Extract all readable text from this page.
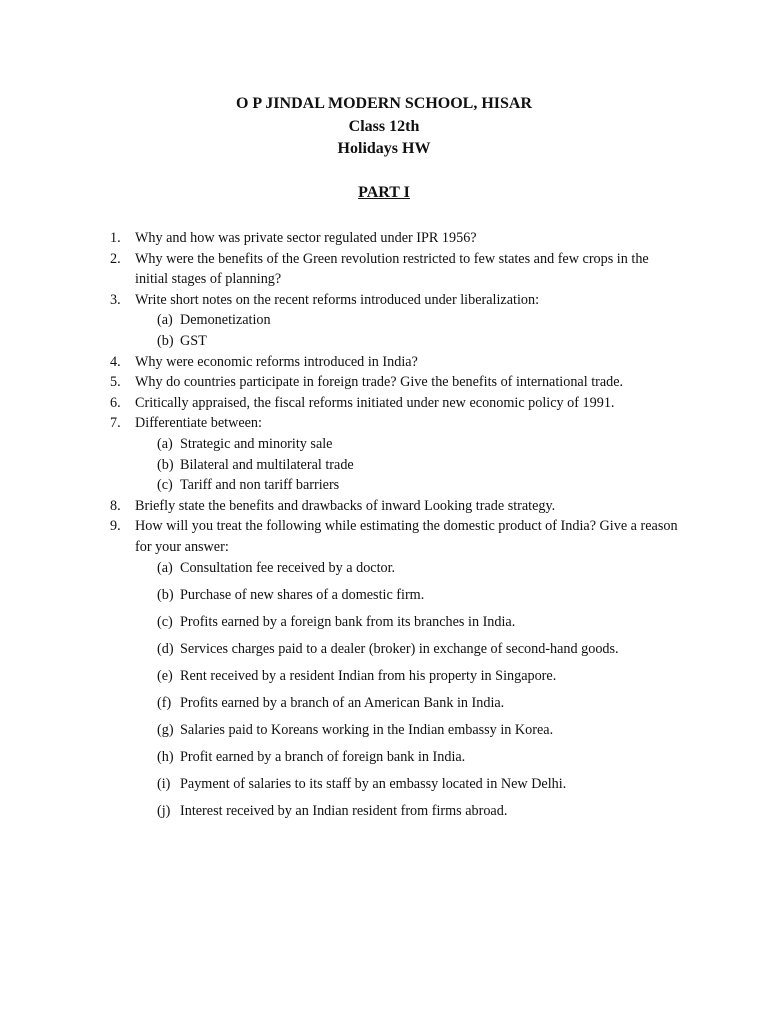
O P JINDAL MODERN SCHOOL, HISAR
Class 12th
Holidays HW
PART I
1. Why and how was private sector regulated under IPR 1956?
2. Why were the benefits of the Green revolution restricted to few states and few crops in the initial stages of planning?
3. Write short notes on the recent reforms introduced under liberalization:
(a) Demonetization
(b) GST
4. Why were economic reforms introduced in India?
5. Why do countries participate in foreign trade? Give the benefits of international trade.
6. Critically appraised, the fiscal reforms initiated under new economic policy of 1991.
7. Differentiate between:
(a) Strategic and minority sale
(b) Bilateral and multilateral trade
(c) Tariff and non tariff barriers
8. Briefly state the benefits and drawbacks of inward Looking trade strategy.
9. How will you treat the following while estimating the domestic product of India? Give a reason for your answer:
(a) Consultation fee received by a doctor.
(b) Purchase of new shares of a domestic firm.
(c) Profits earned by a foreign bank from its branches in India.
(d) Services charges paid to a dealer (broker) in exchange of second-hand goods.
(e) Rent received by a resident Indian from his property in Singapore.
(f) Profits earned by a branch of an American Bank in India.
(g) Salaries paid to Koreans working in the Indian embassy in Korea.
(h) Profit earned by a branch of foreign bank in India.
(i) Payment of salaries to its staff by an embassy located in New Delhi.
(j) Interest received by an Indian resident from firms abroad.
